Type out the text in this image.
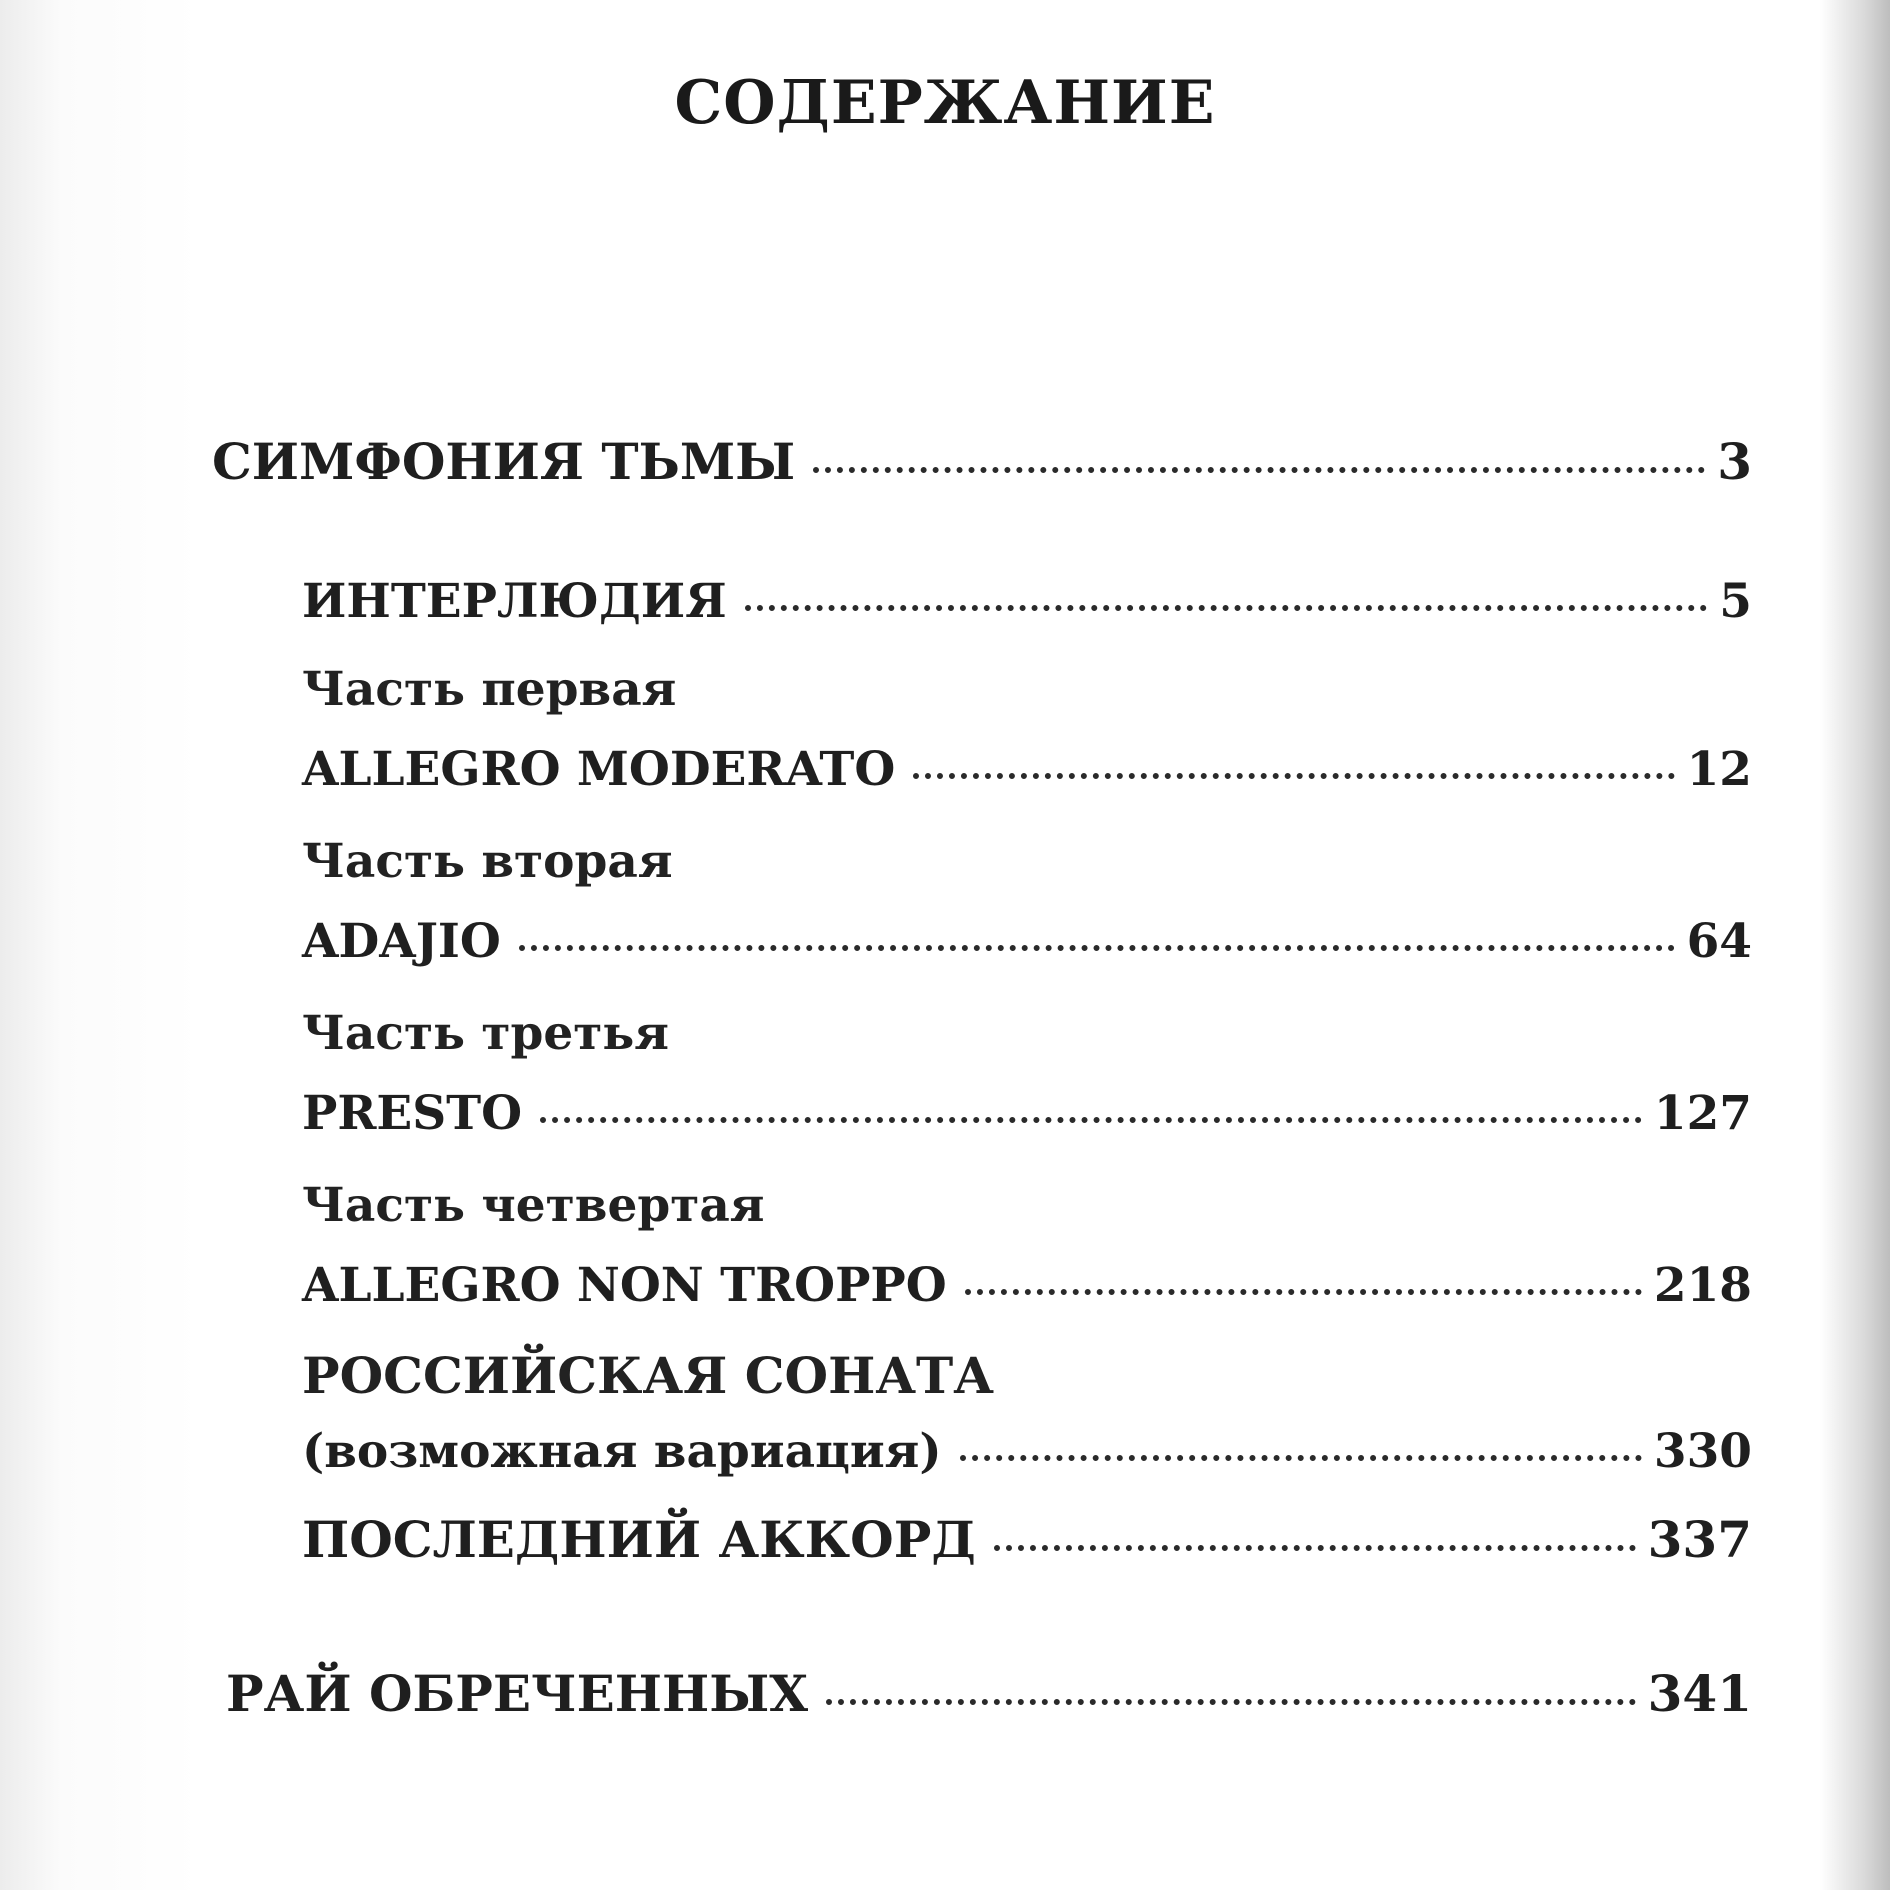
СОДЕРЖАНИЕ
СИМФОНИЯ ТЬМЫ	3
ИНТЕРЛЮДИЯ	5
Часть первая
ALLEGRO MODERATO	12
Часть вторая
ADAJIO	64
Часть третья
PRESTO	127
Часть четвертая
ALLEGRO NON TROPPO	218
РОССИЙСКАЯ СОНАТА
(возможная вариация)	330
ПОСЛЕДНИЙ АККОРД	337
РАЙ ОБРЕЧЕННЫХ	341
